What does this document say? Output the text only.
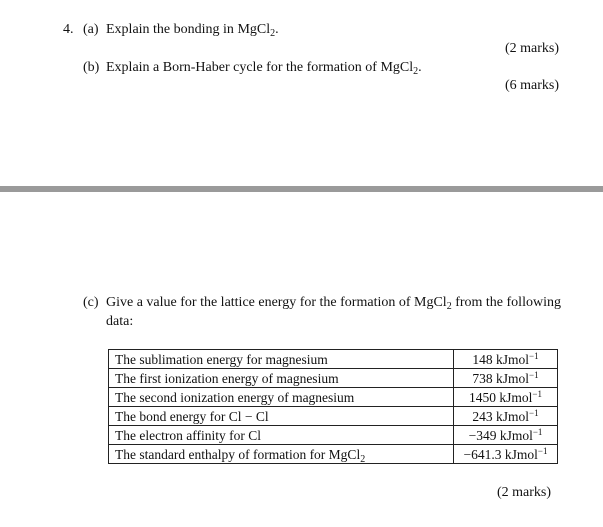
4. (a) Explain the bonding in MgCl$_2$.
(2 marks)
(b) Explain a Born-Haber cycle for the formation of MgCl$_2$.
(6 marks)
(c) Give a value for the lattice energy for the formation of MgCl$_2$ from the following
data:
The sublimation energy for magnesium	148 kJmol$^{-1}$
The first ionization energy of magnesium	738 kJmol$^{-1}$
The second ionization energy of magnesium	1450 kJmol$^{-1}$
The bond energy for Cl − Cl	243 kJmol$^{-1}$
The electron affinity for Cl	−349 kJmol$^{-1}$
The standard enthalpy of formation for MgCl$_2$	−641.3 kJmol$^{-1}$
(2 marks)
